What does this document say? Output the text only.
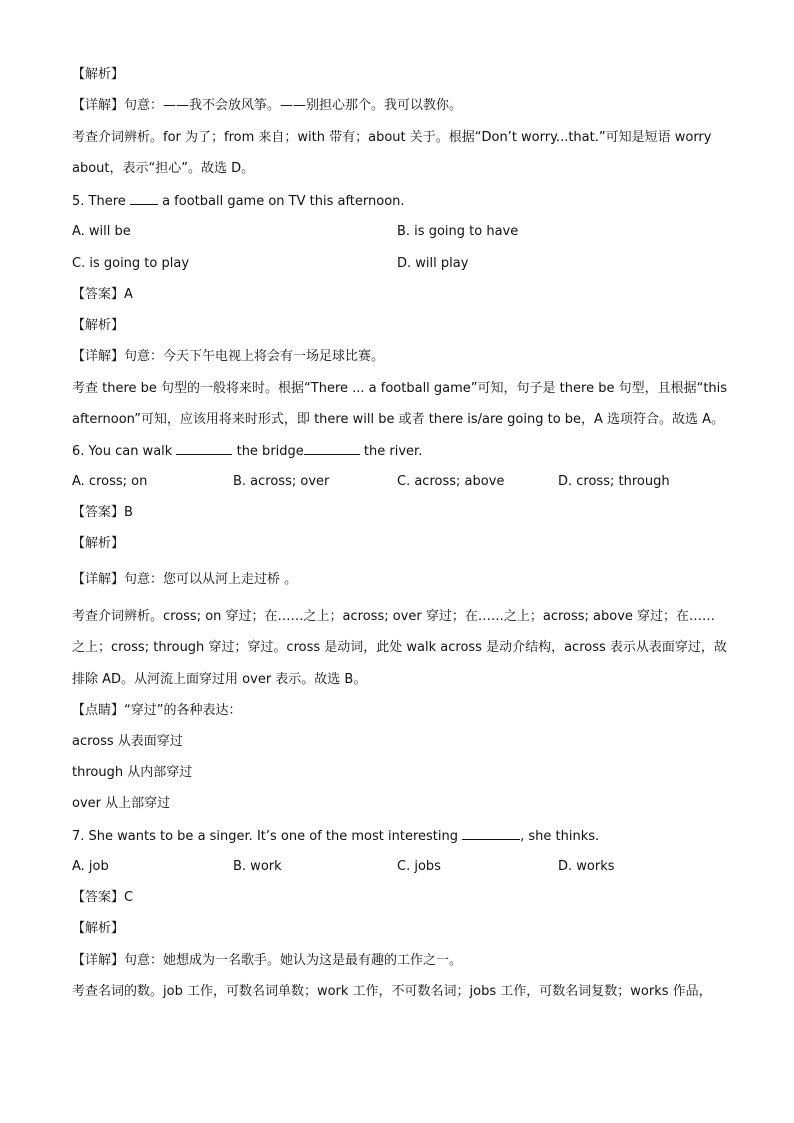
【解析】
【详解】句意：——我不会放风筝。——别担心那个。我可以教你。
考查介词辨析。for 为了；from 来自；with 带有；about 关于。根据“Don’t worry...that.”可知是短语 worry
about，表示“担心”。故选 D。
5. There	a football game on TV this afternoon.
A. will be	B. is going to have
C. is going to play	D. will play
【答案】A
【解析】
【详解】句意：今天下午电视上将会有一场足球比赛。
考查 there be 句型的一般将来时。根据“There ... a football game”可知，句子是 there be 句型，且根据“this
afternoon”可知，应该用将来时形式，即 there will be 或者 there is/are going to be，A 选项符合。故选 A。
6. You can walk	the bridge	the river.
A. cross; on	B. across; over	C. across; above	D. cross; through
【答案】B
【解析】
【详解】句意：您可以从河上走过桥 。
考查介词辨析。cross; on 穿过；在……之上；across; over 穿过；在……之上；across; above 穿过；在……
之上；cross; through 穿过；穿过。cross 是动词，此处 walk across 是动介结构，across 表示从表面穿过，故
排除 AD。从河流上面穿过用 over 表示。故选 B。
【点睛】“穿过”的各种表达：
across 从表面穿过
through 从内部穿过
over 从上部穿过
7. She wants to be a singer. It’s one of the most interesting	, she thinks.
A. job	B. work	C. jobs	D. works
【答案】C
【解析】
【详解】句意：她想成为一名歌手。她认为这是最有趣的工作之一。
考查名词的数。job 工作，可数名词单数；work 工作，不可数名词；jobs 工作，可数名词复数；works 作品，
